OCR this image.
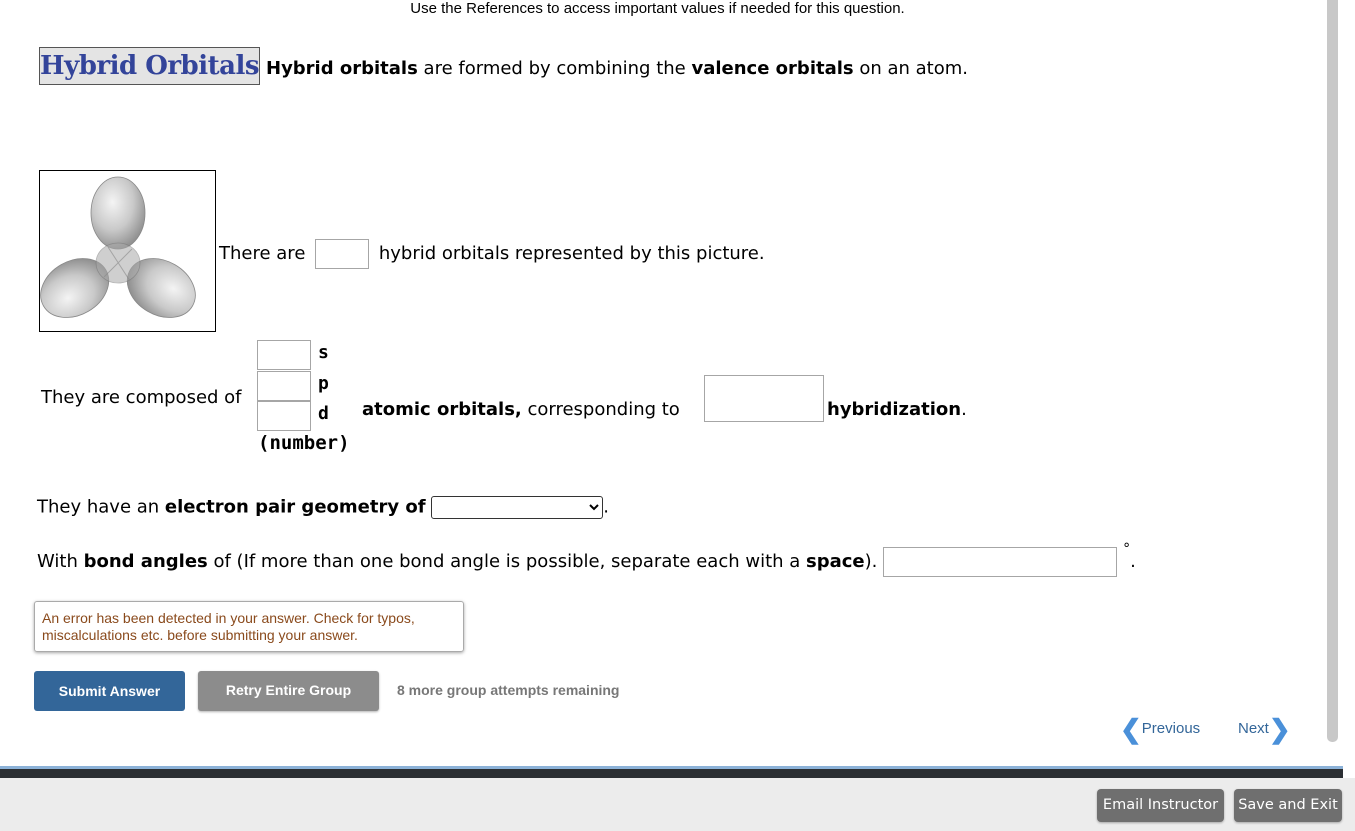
Use the References to access important values if needed for this question.
Hybrid Orbitals Hybrid orbitals are formed by combining the valence orbitals on an atom.
There are	hybrid orbitals represented by this picture.
They are composed of
s
p
d
(number)
atomic orbitals, corresponding to	hybridization.
They have an electron pair geometry of	.
With bond angles of (If more than one bond angle is possible, separate each with a space). °.
An error has been detected in your answer. Check for typos, miscalculations etc. before submitting your answer.
Submit Answer	Retry Entire Group	8 more group attempts remaining
❮Previous	Next❯
Email Instructor	Save and Exit
